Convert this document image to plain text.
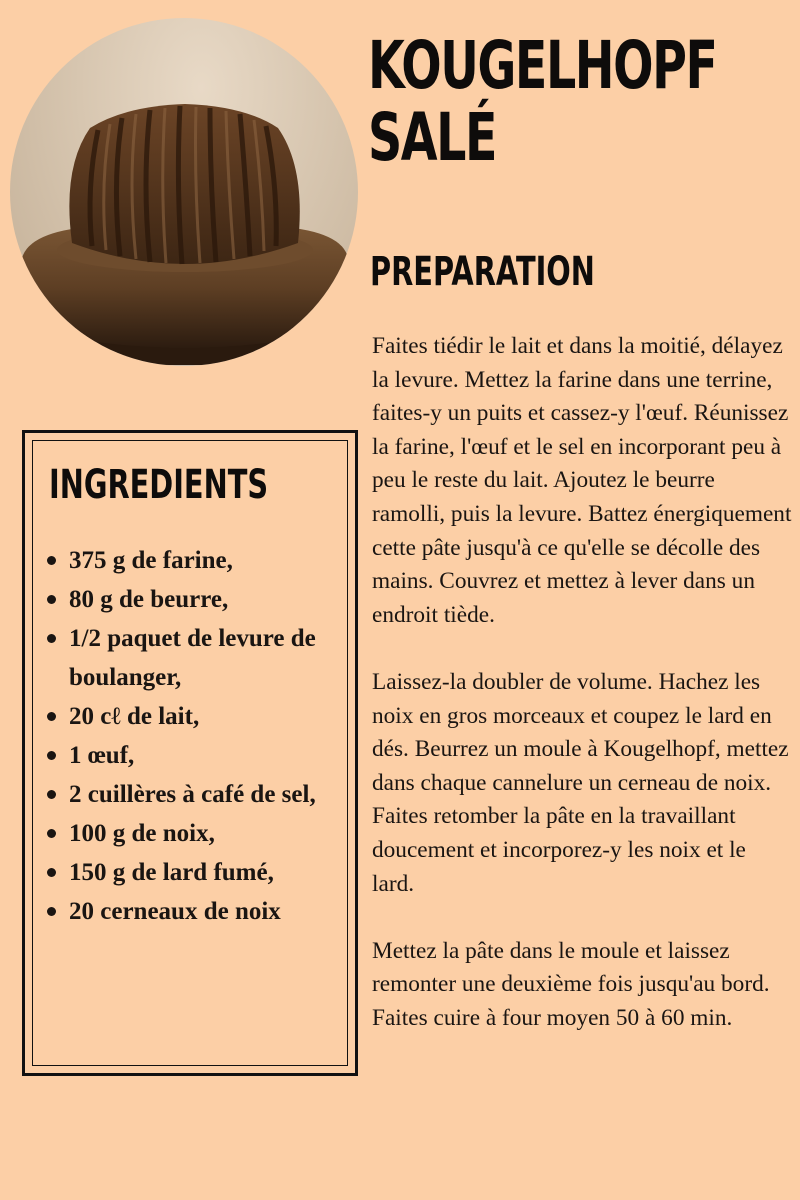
KOUGELHOPF
SALÉ
PREPARATION

Faites tiédir le lait et dans la moitié, délayez la levure. Mettez la farine dans une terrine, faites-y un puits et cassez-y l'œuf. Réunissez la farine, l'œuf et le sel en incorporant peu à peu le reste du lait. Ajoutez le beurre ramolli, puis la levure. Battez énergiquement cette pâte jusqu'à ce qu'elle se décolle des mains. Couvrez et mettez à lever dans un endroit tiède.

Laissez-la doubler de volume. Hachez les noix en gros morceaux et coupez le lard en dés. Beurrez un moule à Kougelhopf, mettez dans chaque cannelure un cerneau de noix. Faites retomber la pâte en la travaillant doucement et incorporez-y les noix et le lard.

Mettez la pâte dans le moule et laissez remonter une deuxième fois jusqu'au bord. Faites cuire à four moyen 50 à 60 min.

INGREDIENTS
375 g de farine,
80 g de beurre,
1/2 paquet de levure de boulanger,
20 cℓ de lait,
1 œuf,
2 cuillères à café de sel,
100 g de noix,
150 g de lard fumé,
20 cerneaux de noix
